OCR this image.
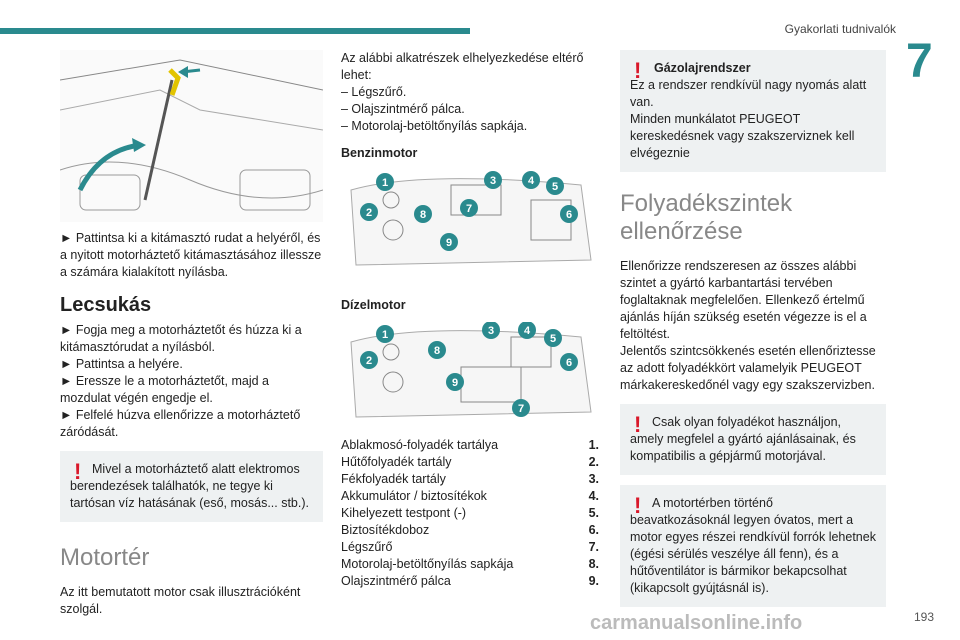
Gyakorlati tudnivalók
7

► Pattintsa ki a kitámasztó rudat a helyéről, és a nyitott motorháztető kitámasztásához illessze a számára kialakított nyílásba.

Lecsukás
► Fogja meg a motorháztetőt és húzza ki a kitámasztórudat a nyílásból.
► Pattintsa a helyére.
► Eressze le a motorháztetőt, majd a mozdulat végén engedje el.
► Felfelé húzva ellenőrizze a motorháztető záródását.
! Mivel a motorháztető alatt elektromos berendezések találhatók, ne tegye ki tartósan víz hatásának (eső, mosás... stb.).
Motortér

Az itt bemutatott motor csak illusztrációként szolgál.

Az alábbi alkatrészek elhelyezkedése eltérő lehet:

– Légszűrő.
– Olajszintmérő pálca.
– Motorolaj-betöltőnyílás sapkája.
Benzinmotor
1
2	8
9
3
7
4 5
6
Dízelmotor
1
2
8
9
3	4
5
6
7
Ablakmosó-folyadék tartálya	1.
Hűtőfolyadék tartály	2.
Fékfolyadék tartály	3.
Akkumulátor / biztosítékok	4.
Kihelyezett testpont (-)	5.
Biztosítékdoboz	6.
Légszűrő	7.
Motorolaj-betöltőnyílás sapkája	8.
Olajszintmérő pálca	9.
!	Gázolajrendszer
Ez a rendszer rendkívül nagy nyomás alatt van.
Minden munkálatot PEUGEOT kereskedésnek vagy szakszerviznek kell elvégeznie
Folyadékszintek ellenőrzése

Ellenőrizze rendszeresen az összes alábbi szintet a gyártó karbantartási tervében foglaltaknak megfelelően. Ellenkező értelmű ajánlás híján szükség esetén végezze is el a feltöltést.
Jelentős szintcsökkenés esetén ellenőriztesse az adott folyadékkört valamelyik PEUGEOT márkakereskedőnél vagy egy szakszervizben.

! Csak olyan folyadékot használjon, amely megfelel a gyártó ajánlásainak, és kompatibilis a gépjármű motorjával.
! A motortérben történő beavatkozásoknál legyen óvatos, mert a motor egyes részei rendkívül forrók lehetnek (égési sérülés veszélye áll fenn), és a hűtőventilátor is bármikor bekapcsolhat (kikapcsolt gyújtásnál is).
carmanualsonline.info	193
